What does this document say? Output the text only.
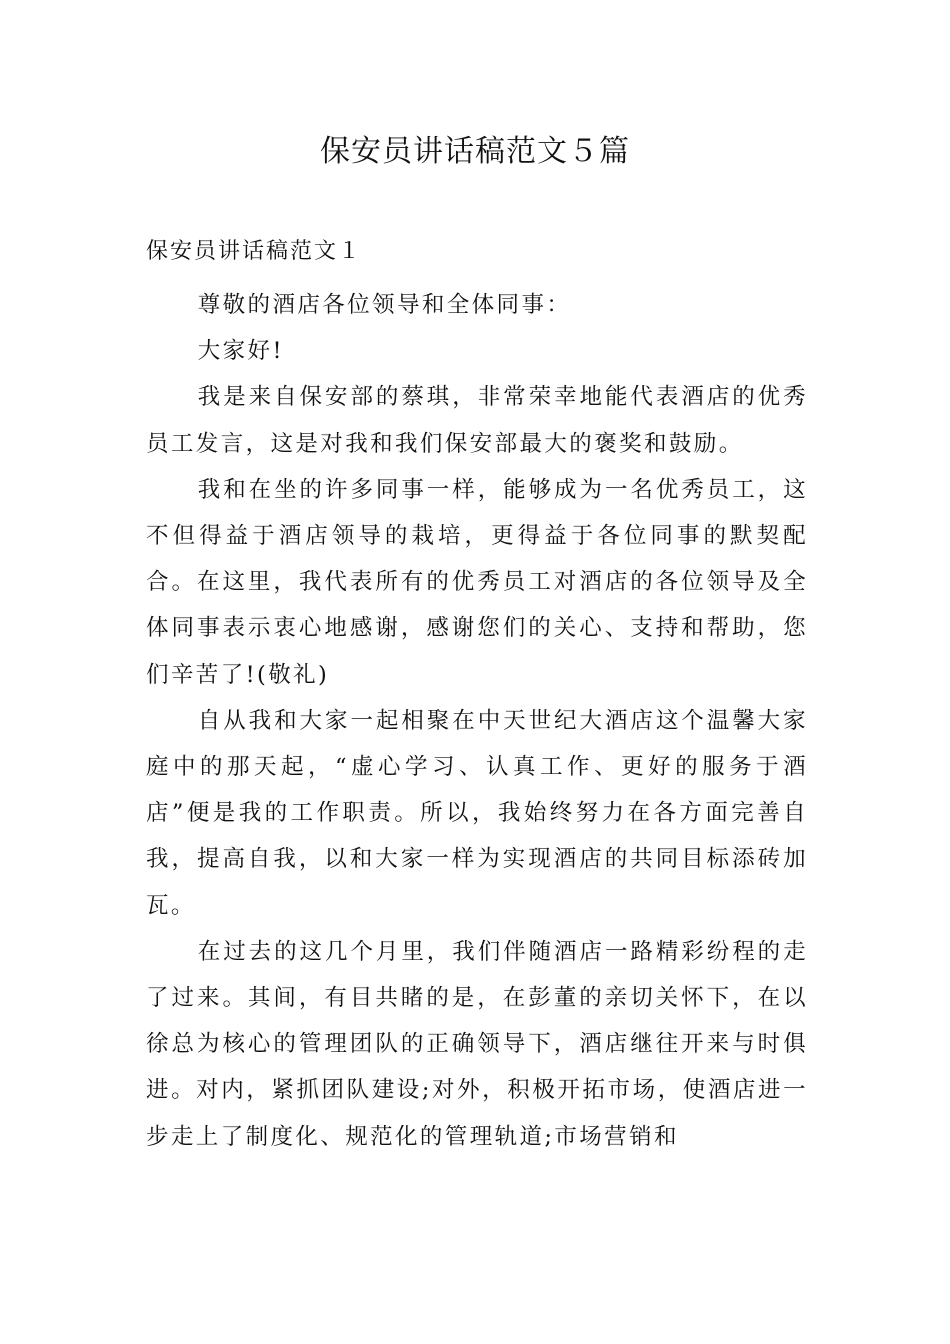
保安员讲话稿范文５篇
保安员讲话稿范文１

尊敬的酒店各位领导和全体同事：

大家好!

我是来自保安部的蔡琪，非常荣幸地能代表酒店的优秀员工发言，这是对我和我们保安部最大的褒奖和鼓励。

我和在坐的许多同事一样，能够成为一名优秀员工，这不但得益于酒店领导的栽培，更得益于各位同事的默契配合。在这里，我代表所有的优秀员工对酒店的各位领导及全体同事表示衷心地感谢，感谢您们的关心、支持和帮助，您们辛苦了!(敬礼)

自从我和大家一起相聚在中天世纪大酒店这个温馨大家庭中的那天起，“虚心学习、认真工作、更好的服务于酒店”便是我的工作职责。所以，我始终努力在各方面完善自我，提高自我，以和大家一样为实现酒店的共同目标添砖加瓦。

在过去的这几个月里，我们伴随酒店一路精彩纷程的走了过来。其间，有目共睹的是，在彭董的亲切关怀下，在以徐总为核心的管理团队的正确领导下，酒店继往开来与时俱进。对内，紧抓团队建设;对外，积极开拓市场，使酒店进一步走上了制度化、规范化的管理轨道;市场营销和
